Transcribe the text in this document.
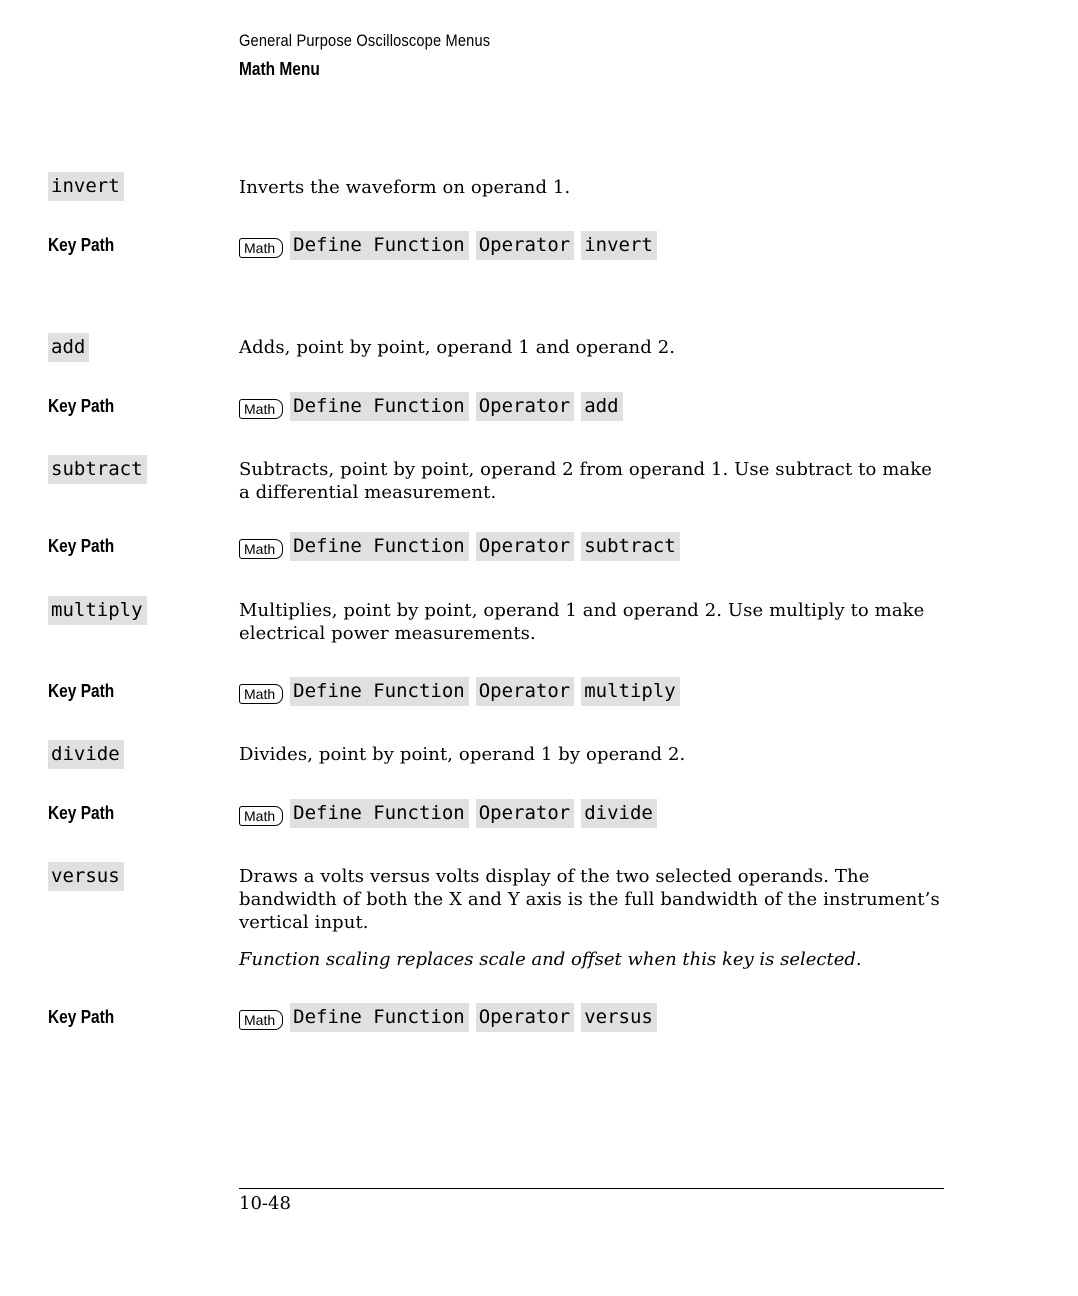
General Purpose Oscilloscope Menus
Math Menu
invert	Inverts the waveform on operand 1.
Key Path	Math Define Function Operator invert
add	Adds, point by point, operand 1 and operand 2.
Key Path	Math Define Function Operator add
subtract	Subtracts, point by point, operand 2 from operand 1. Use subtract to make a differential measurement.
Key Path	Math Define Function Operator subtract
multiply	Multiplies, point by point, operand 1 and operand 2. Use multiply to make electrical power measurements.
Key Path	Math Define Function Operator multiply
divide	Divides, point by point, operand 1 by operand 2.
Key Path	Math Define Function Operator divide
versus	Draws a volts versus volts display of the two selected operands. The bandwidth of both the X and Y axis is the full bandwidth of the instrument’s vertical input.
Function scaling replaces scale and offset when this key is selected.
Key Path	Math Define Function Operator versus
10-48
